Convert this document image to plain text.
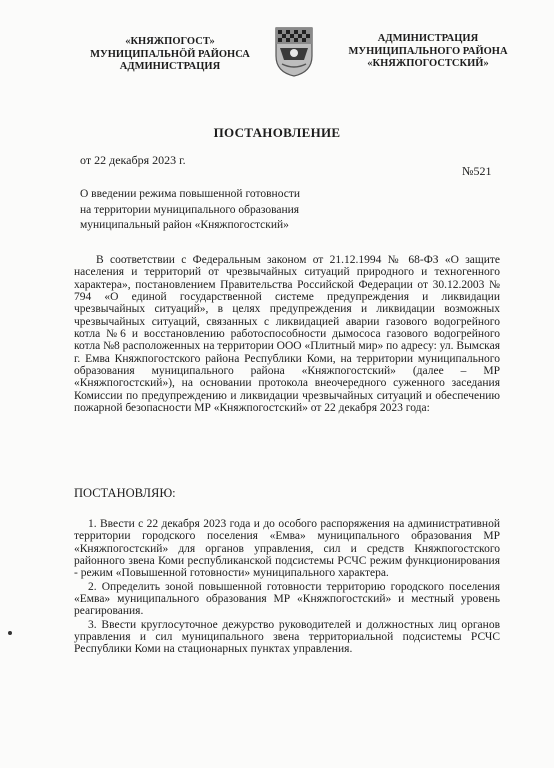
«КНЯЖПОГОСТ»
МУНИЦИПАЛЬНӦЙ РАЙОНСА
АДМИНИСТРАЦИЯ
АДМИНИСТРАЦИЯ
МУНИЦИПАЛЬНОГО РАЙОНА
«КНЯЖПОГОСТСКИЙ»
ПОСТАНОВЛЕНИЕ
от 22 декабря 2023 г.
№521
О введении режима повышенной готовности
на территории муниципального образования
муниципальный район «Княжпогостский»

В соответствии с Федеральным законом от 21.12.1994 № 68-ФЗ «О защите населения и территорий от чрезвычайных ситуаций природного и техногенного характера», постановлением Правительства Российской Федерации от 30.12.2003 № 794 «О единой государственной системе предупреждения и ликвидации чрезвычайных ситуаций», в целях предупреждения и ликвидации возможных чрезвычайных ситуаций, связанных с ликвидацией аварии газового водогрейного котла №6 и восстановлению работоспособности дымососа газового водогрейного котла №8 расположенных на территории ООО «Плитный мир» по адресу: ул. Вымская г. Емва Княжпогостского района Республики Коми, на территории муниципального образования муниципального района «Княжпогостский» (далее – МР «Княжпогостский»), на основании протокола внеочередного суженного заседания Комиссии по предупреждению и ликвидации чрезвычайных ситуаций и обеспечению пожарной безопасности МР «Княжпогостский» от 22 декабря 2023 года:

ПОСТАНОВЛЯЮ:

1. Ввести с 22 декабря 2023 года и до особого распоряжения на административной территории городского поселения «Емва» муниципального образования МР «Княжпогостский» для органов управления, сил и средств Княжпогостского районного звена Коми республиканской подсистемы РСЧС режим функционирования - режим «Повышенной готовности» муниципального характера.

2. Определить зоной повышенной готовности территорию городского поселения «Емва» муниципального образования МР «Княжпогостский» и местный уровень реагирования.

3. Ввести круглосуточное дежурство руководителей и должностных лиц органов управления и сил муниципального звена территориальной подсистемы РСЧС Республики Коми на стационарных пунктах управления.
